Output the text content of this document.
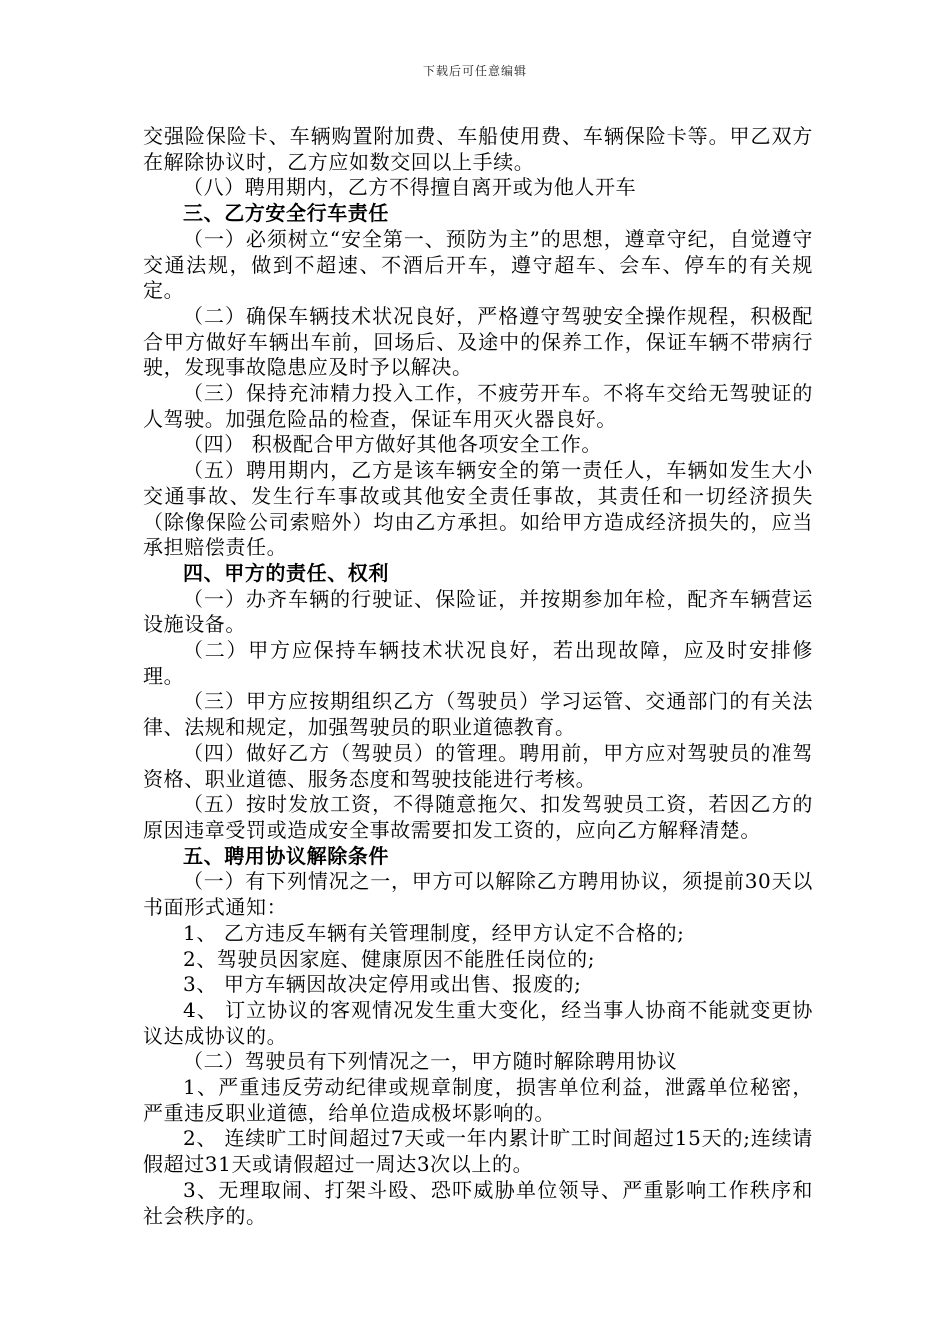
下载后可任意编辑

交强险保险卡、车辆购置附加费、车船使用费、车辆保险卡等。甲乙双方在解除协议时，乙方应如数交回以上手续。

（八）聘用期内，乙方不得擅自离开或为他人开车

三、乙方安全行车责任

（一）必须树立“安全第一、预防为主”的思想，遵章守纪，自觉遵守交通法规，做到不超速、不酒后开车，遵守超车、会车、停车的有关规定。

（二）确保车辆技术状况良好，严格遵守驾驶安全操作规程，积极配合甲方做好车辆出车前，回场后、及途中的保养工作，保证车辆不带病行驶，发现事故隐患应及时予以解决。

（三）保持充沛精力投入工作，不疲劳开车。不将车交给无驾驶证的人驾驶。加强危险品的检查，保证车用灭火器良好。

（四） 积极配合甲方做好其他各项安全工作。

（五）聘用期内，乙方是该车辆安全的第一责任人，车辆如发生大小交通事故、发生行车事故或其他安全责任事故，其责任和一切经济损失（除像保险公司索赔外）均由乙方承担。如给甲方造成经济损失的，应当承担赔偿责任。

四、甲方的责任、权利

（一）办齐车辆的行驶证、保险证，并按期参加年检，配齐车辆营运设施设备。

（二）甲方应保持车辆技术状况良好，若出现故障，应及时安排修理。

（三）甲方应按期组织乙方（驾驶员）学习运管、交通部门的有关法律、法规和规定，加强驾驶员的职业道德教育。

（四）做好乙方（驾驶员）的管理。聘用前，甲方应对驾驶员的准驾资格、职业道德、服务态度和驾驶技能进行考核。

（五）按时发放工资，不得随意拖欠、扣发驾驶员工资，若因乙方的原因违章受罚或造成安全事故需要扣发工资的，应向乙方解释清楚。

五、聘用协议解除条件

（一）有下列情况之一，甲方可以解除乙方聘用协议，须提前30天以书面形式通知：

1、 乙方违反车辆有关管理制度，经甲方认定不合格的;

2、驾驶员因家庭、健康原因不能胜任岗位的;

3、 甲方车辆因故决定停用或出售、报废的;

4、 订立协议的客观情况发生重大变化，经当事人协商不能就变更协议达成协议的。

（二）驾驶员有下列情况之一，甲方随时解除聘用协议

1、严重违反劳动纪律或规章制度，损害单位利益，泄露单位秘密，严重违反职业道德，给单位造成极坏影响的。

2、 连续旷工时间超过7天或一年内累计旷工时间超过15天的;连续请假超过31天或请假超过一周达3次以上的。

3、无理取闹、打架斗殴、恐吓威胁单位领导、严重影响工作秩序和社会秩序的。
